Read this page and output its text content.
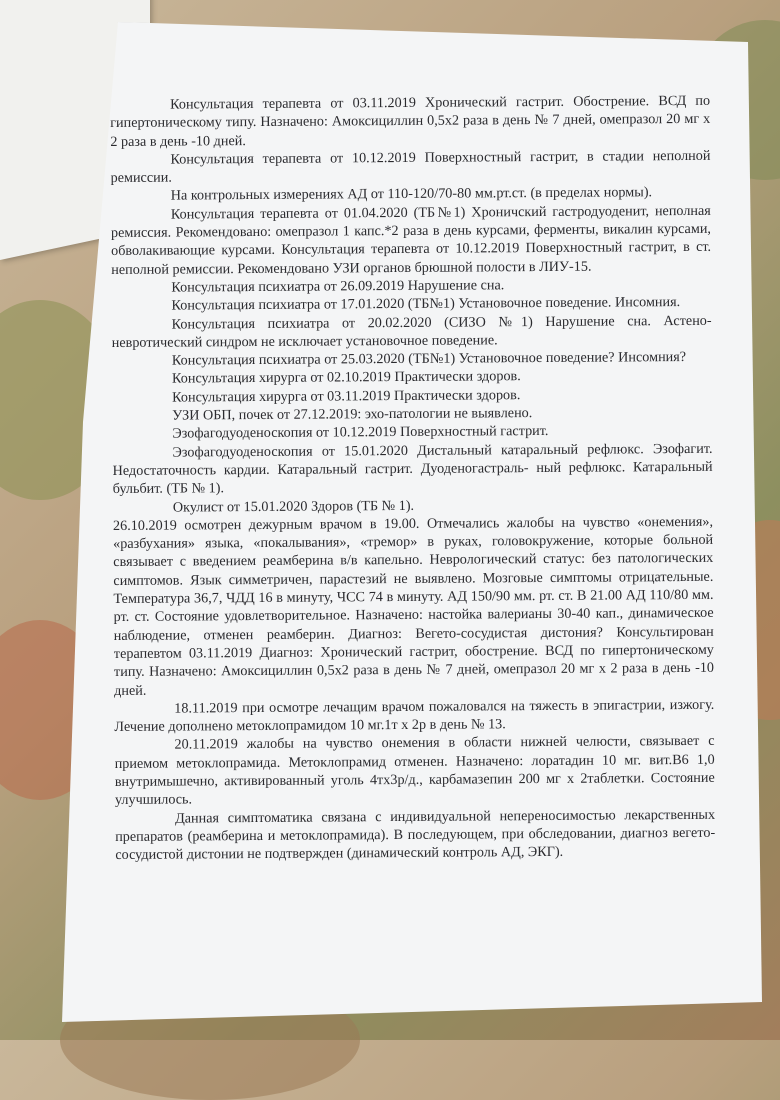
Консультация терапевта от 03.11.2019 Хронический гастрит. Обострение. ВСД по гипертоническому типу. Назначено: Амоксициллин 0,5х2 раза в день № 7 дней, омепразол 20 мг х 2 раза в день -10 дней.

Консультация терапевта от 10.12.2019 Поверхностный гастрит, в стадии неполной ремиссии.

На контрольных измерениях АД от 110-120/70-80 мм.рт.ст. (в пределах нормы).

Консультация терапевта от 01.04.2020 (ТБ№1) Хроничский гастродуоденит, неполная ремиссия. Рекомендовано: омепразол 1 капс.*2 раза в день курсами, ферменты, викалин курсами, обволакивающие курсами. Консультация терапевта от 10.12.2019 Поверхностный гастрит, в ст. неполной ремиссии. Рекомендовано УЗИ органов брюшной полости в ЛИУ-15.

Консультация психиатра от 26.09.2019 Нарушение сна.

Консультация психиатра от 17.01.2020 (ТБ№1) Установочное поведение. Инсомния.

Консультация психиатра от 20.02.2020 (СИЗО №1) Нарушение сна. Астено-невротический синдром не исключает установочное поведение.

Консультация психиатра от 25.03.2020 (ТБ№1) Установочное поведение? Инсомния?

Консультация хирурга от 02.10.2019 Практически здоров.

Консультация хирурга от 03.11.2019 Практически здоров.

УЗИ ОБП, почек от 27.12.2019: эхо-патологии не выявлено.

Эзофагодуоденоскопия от 10.12.2019 Поверхностный гастрит.

Эзофагодуоденоскопия от 15.01.2020 Дистальный катаральный рефлюкс. Эзофагит. Недостаточность кардии. Катаральный гастрит. Дуоденогастраль- ный рефлюкс. Катаральный бульбит. (ТБ № 1).

Окулист от 15.01.2020 Здоров (ТБ № 1).

26.10.2019 осмотрен дежурным врачом в 19.00. Отмечались жалобы на чувство «онемения», «разбухания» языка, «покалывания», «тремор» в руках, головокружение, которые больной связывает с введением реамберина в/в капельно. Неврологический статус: без патологических симптомов. Язык симметричен, парастезий не выявлено. Мозговые симптомы отрицательные. Температура 36,7, ЧДД 16 в минуту, ЧСС 74 в минуту. АД 150/90 мм. рт. ст. В 21.00 АД 110/80 мм. рт. ст. Состояние удовлетворительное. Назначено: настойка валерианы 30-40 кап., динамическое наблюдение, отменен реамберин. Диагноз: Вегето-сосудистая дистония? Консультирован терапевтом 03.11.2019 Диагноз: Хронический гастрит, обострение. ВСД по гипертоническому типу. Назначено: Амоксициллин 0,5х2 раза в день № 7 дней, омепразол 20 мг х 2 раза в день -10 дней.

18.11.2019 при осмотре лечащим врачом пожаловался на тяжесть в эпигастрии, изжогу. Лечение дополнено метоклопрамидом 10 мг.1т х 2р в день № 13.

20.11.2019 жалобы на чувство онемения в области нижней челюсти, связывает с приемом метоклопрамида. Метоклопрамид отменен. Назначено: лоратадин 10 мг. вит.В6 1,0 внутримышечно, активированный уголь 4тх3р/д., карбамазепин 200 мг х 2таблетки. Состояние улучшилось.

Данная симптоматика связана с индивидуальной непереносимостью лекарственных препаратов (реамберина и метоклопрамида). В последующем, при обследовании, диагноз вегето-сосудистой дистонии не подтвержден (динамический контроль АД, ЭКГ).
